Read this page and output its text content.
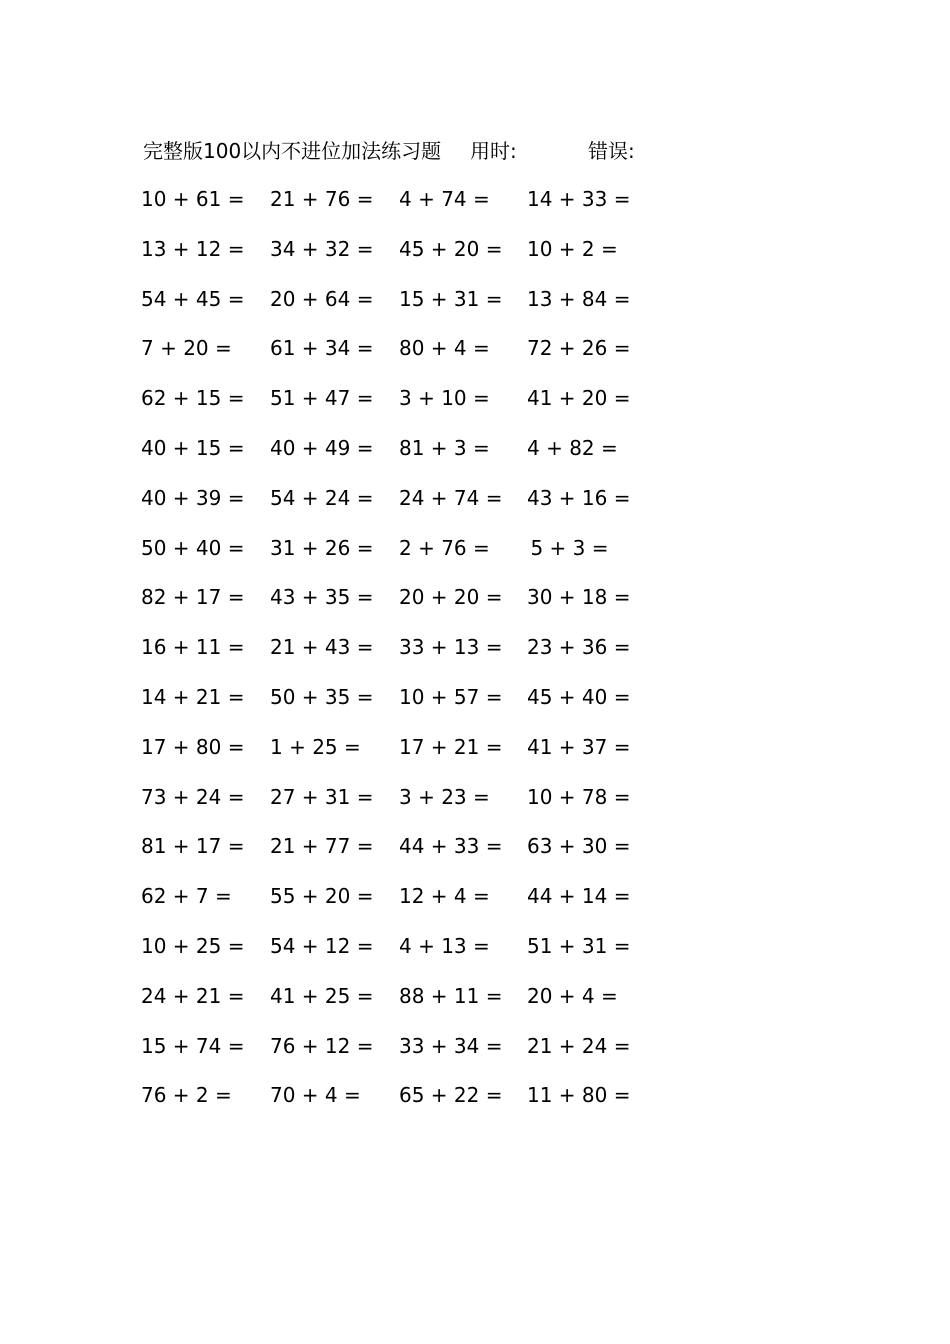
完整版100以内不进位加法练习题 用时:	错误:
10 + 61 = 21 + 76 = 4 + 74 = 14 + 33 =
13 + 12 = 34 + 32 = 45 + 20 = 10 + 2 =
54 + 45 = 20 + 64 = 15 + 31 = 13 + 84 =
7 + 20 = 61 + 34 = 80 + 4 = 72 + 26 =
62 + 15 = 51 + 47 = 3 + 10 = 41 + 20 =
40 + 15 = 40 + 49 = 81 + 3 = 4 + 82 =
40 + 39 = 54 + 24 = 24 + 74 = 43 + 16 =
50 + 40 = 31 + 26 = 2 + 76 = 5 + 3 =
82 + 17 = 43 + 35 = 20 + 20 = 30 + 18 =
16 + 11 = 21 + 43 = 33 + 13 = 23 + 36 =
14 + 21 = 50 + 35 = 10 + 57 = 45 + 40 =
17 + 80 = 1 + 25 = 17 + 21 = 41 + 37 =
73 + 24 = 27 + 31 = 3 + 23 = 10 + 78 =
81 + 17 = 21 + 77 = 44 + 33 = 63 + 30 =
62 + 7 = 55 + 20 = 12 + 4 = 44 + 14 =
10 + 25 = 54 + 12 = 4 + 13 = 51 + 31 =
24 + 21 = 41 + 25 = 88 + 11 = 20 + 4 =
15 + 74 = 76 + 12 = 33 + 34 = 21 + 24 =
76 + 2 = 70 + 4 = 65 + 22 = 11 + 80 =
